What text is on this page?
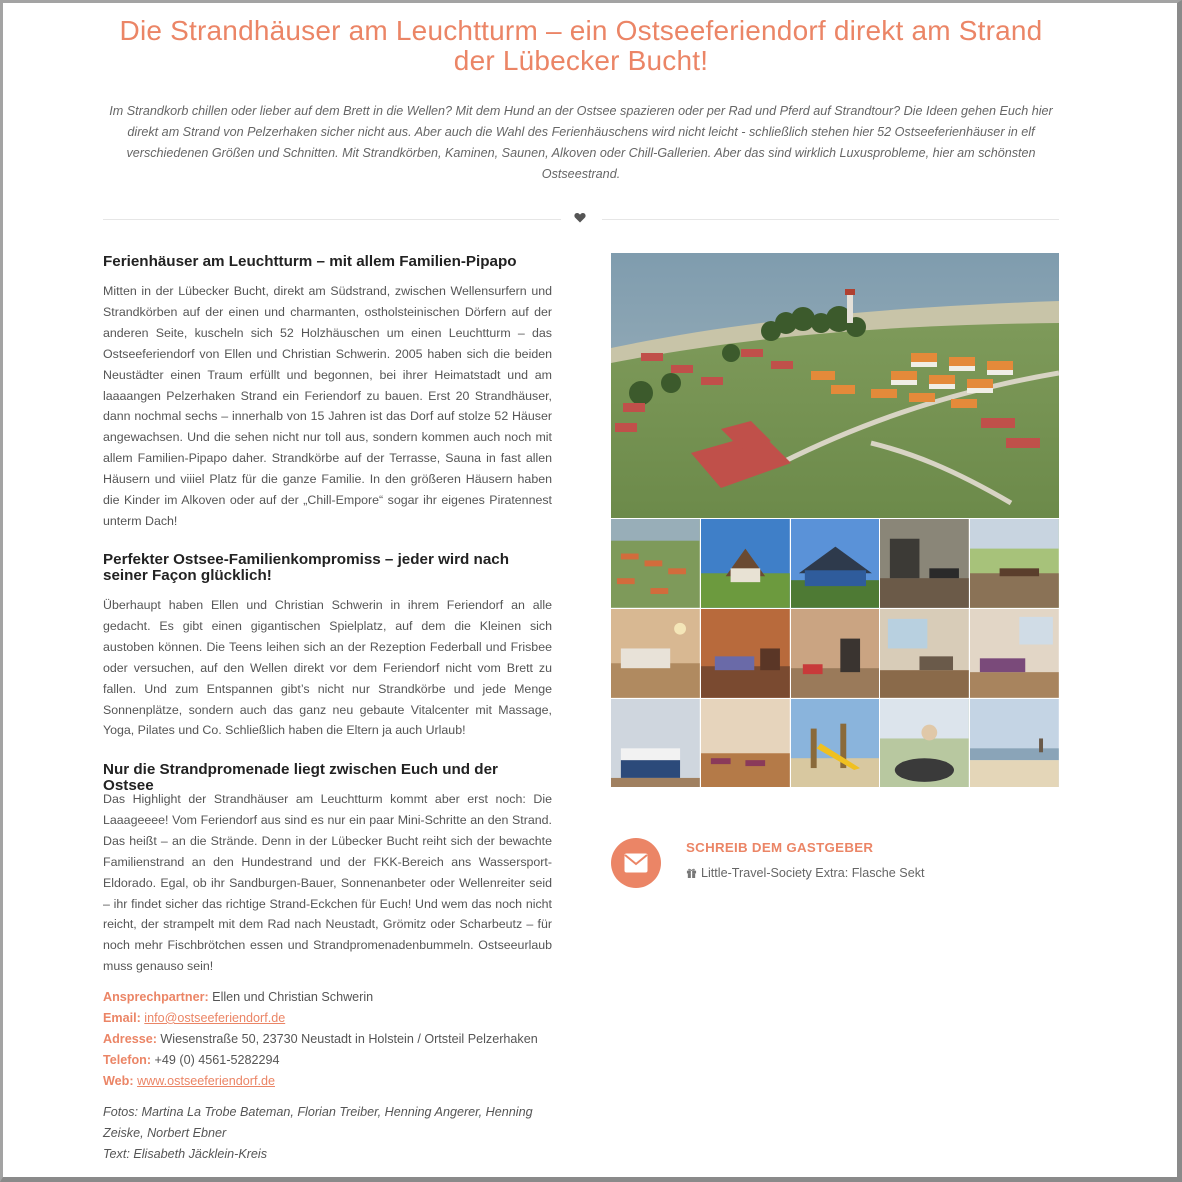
Die Strandhäuser am Leuchtturm – ein Ostseeferiendorf direkt am Strand der Lübecker Bucht!

Im Strandkorb chillen oder lieber auf dem Brett in die Wellen? Mit dem Hund an der Ostsee spazieren oder per Rad und Pferd auf Strandtour? Die Ideen gehen Euch hier direkt am Strand von Pelzerhaken sicher nicht aus. Aber auch die Wahl des Ferienhäuschens wird nicht leicht - schließlich stehen hier 52 Ostseeferienhäuser in elf verschiedenen Größen und Schnitten. Mit Strandkörben, Kaminen, Saunen, Alkoven oder Chill-Gallerien. Aber das sind wirklich Luxusprobleme, hier am schönsten Ostseestrand.

Ferienhäuser am Leuchtturm – mit allem Familien-Pipapo

Mitten in der Lübecker Bucht, direkt am Südstrand, zwischen Wellensurfern und Strandkörben auf der einen und charmanten, ostholsteinischen Dörfern auf der anderen Seite, kuscheln sich 52 Holzhäuschen um einen Leuchtturm – das Ostseeferiendorf von Ellen und Christian Schwerin. 2005 haben sich die beiden Neustädter einen Traum erfüllt und begonnen, bei ihrer Heimatstadt und am laaaangen Pelzerhaken Strand ein Feriendorf zu bauen. Erst 20 Strandhäuser, dann nochmal sechs – innerhalb von 15 Jahren ist das Dorf auf stolze 52 Häuser angewachsen. Und die sehen nicht nur toll aus, sondern kommen auch noch mit allem Familien-Pipapo daher. Strandkörbe auf der Terrasse, Sauna in fast allen Häusern und viiiel Platz für die ganze Familie. In den größeren Häusern haben die Kinder im Alkoven oder auf der „Chill-Empore“ sogar ihr eigenes Piratennest unterm Dach!

Perfekter Ostsee-Familienkompromiss – jeder wird nach seiner Façon glücklich!

Überhaupt haben Ellen und Christian Schwerin in ihrem Feriendorf an alle gedacht. Es gibt einen gigantischen Spielplatz, auf dem die Kleinen sich austoben können. Die Teens leihen sich an der Rezeption Federball und Frisbee oder versuchen, auf den Wellen direkt vor dem Feriendorf nicht vom Brett zu fallen. Und zum Entspannen gibt’s nicht nur Strandkörbe und jede Menge Sonnenplätze, sondern auch das ganz neu gebaute Vitalcenter mit Massage, Yoga, Pilates und Co. Schließlich haben die Eltern ja auch Urlaub!

Nur die Strandpromenade liegt zwischen Euch und der Ostsee

Das Highlight der Strandhäuser am Leuchtturm kommt aber erst noch: Die Laaageeee! Vom Feriendorf aus sind es nur ein paar Mini-Schritte an den Strand. Das heißt – an die Strände. Denn in der Lübecker Bucht reiht sich der bewachte Familienstrand an den Hundestrand und der FKK-Bereich ans Wassersport-Eldorado. Egal, ob ihr Sandburgen-Bauer, Sonnenanbeter oder Wellenreiter seid – ihr findet sicher das richtige Strand-Eckchen für Euch! Und wem das noch nicht reicht, der strampelt mit dem Rad nach Neustadt, Grömitz oder Scharbeutz – für noch mehr Fischbrötchen essen und Strandpromenadenbummeln. Ostseeurlaub muss genauso sein!

Ansprechpartner: Ellen und Christian Schwerin
Email: info@ostseeferiendorf.de
Adresse: Wiesenstraße 50, 23730 Neustadt in Holstein / Ortsteil Pelzerhaken
Telefon: +49 (0) 4561-5282294
Web: www.ostseeferiendorf.de
Fotos: Martina La Trobe Bateman, Florian Treiber, Henning Angerer, Henning Zeiske, Norbert Ebner
Text: Elisabeth Jäcklein-Kreis
SCHREIB DEM GASTGEBER
Little-Travel-Society Extra: Flasche Sekt
